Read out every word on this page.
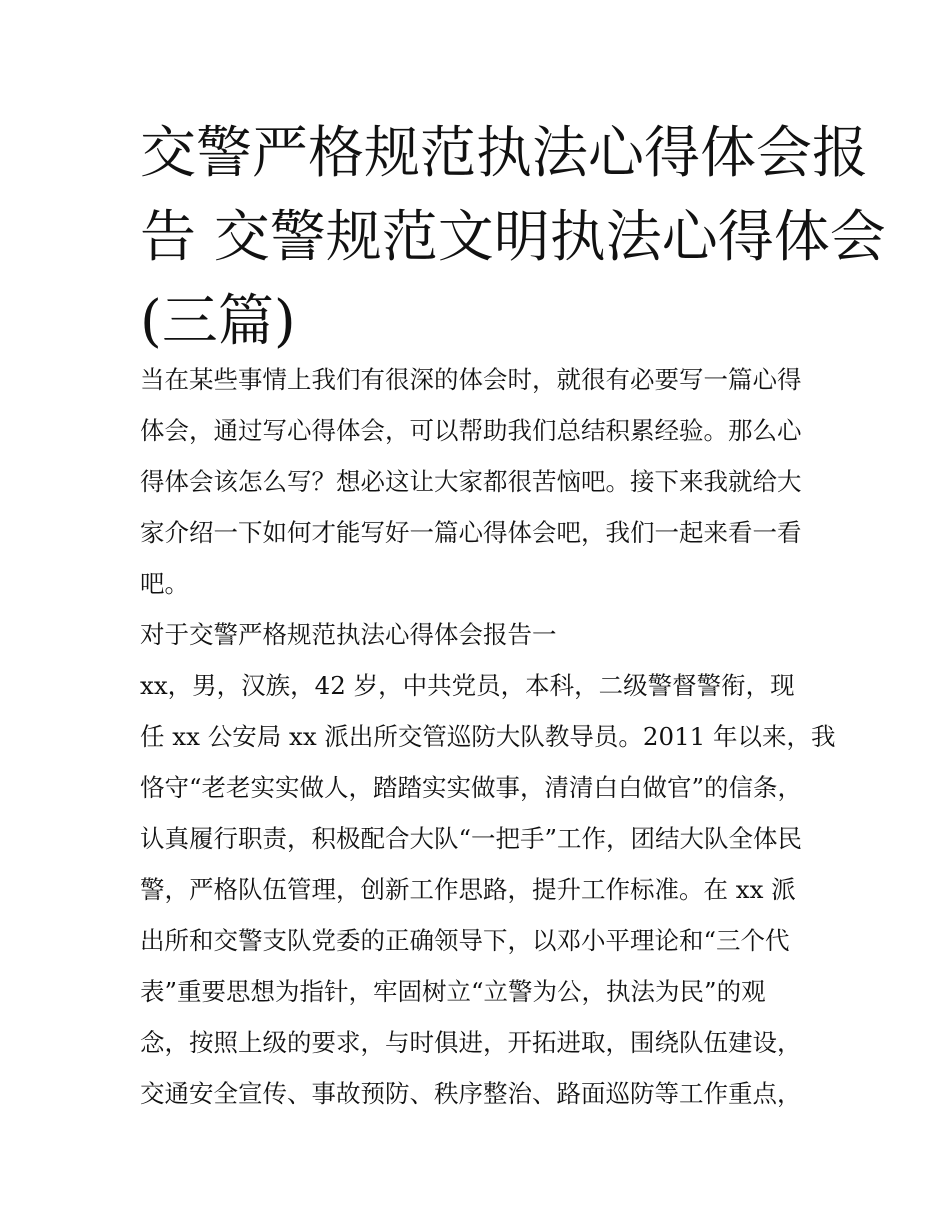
交警严格规范执法心得体会报
告 交警规范文明执法心得体会
(三篇)
当在某些事情上我们有很深的体会时，就很有必要写一篇心得
体会，通过写心得体会，可以帮助我们总结积累经验。那么心
得体会该怎么写？想必这让大家都很苦恼吧。接下来我就给大
家介绍一下如何才能写好一篇心得体会吧，我们一起来看一看
吧。
对于交警严格规范执法心得体会报告一
xx，男，汉族，42 岁，中共党员，本科，二级警督警衔，现
任 xx 公安局 xx 派出所交管巡防大队教导员。2011 年以来，我
恪守“老老实实做人，踏踏实实做事，清清白白做官”的信条，
认真履行职责，积极配合大队“一把手”工作，团结大队全体民
警，严格队伍管理，创新工作思路，提升工作标准。在 xx 派
出所和交警支队党委的正确领导下，以邓小平理论和“三个代
表”重要思想为指针，牢固树立“立警为公，执法为民”的观
念，按照上级的要求，与时俱进，开拓进取，围绕队伍建设，
交通安全宣传、事故预防、秩序整治、路面巡防等工作重点，
